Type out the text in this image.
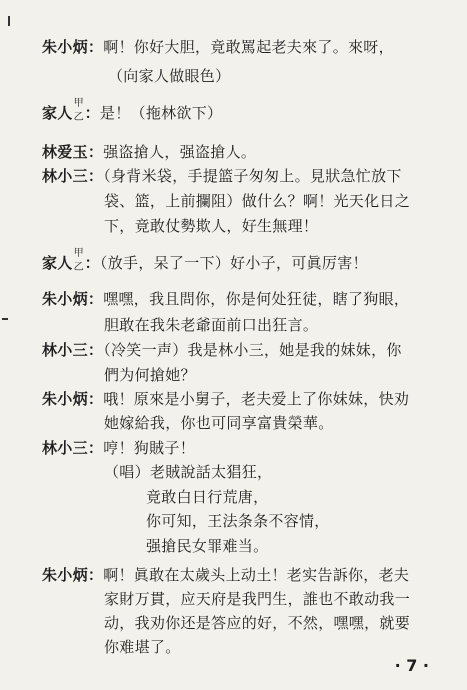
朱小炳：啊！你好大胆，竟敢罵起老夫來了。來呀，
（向家人做眼色）
家人
甲
乙 ：是！（拖林欲下）
林爱玉：强盗搶人，强盗搶人。
林小三：（身背米袋，手提篮子匆匆上。見狀急忙放下
袋、篮，上前攔阻）做什么？啊！光天化日之
下，竟敢仗勢欺人，好生無理！
家人
甲
乙 ：（放手，呆了一下）好小子，可眞厉害！
朱小炳：嘿嘿，我且問你，你是何处狂徒，瞎了狗眼，
胆敢在我朱老爺面前口出狂言。
林小三：（冷笑一声）我是林小三，她是我的妹妹，你
們为何搶她？
朱小炳：哦！原來是小舅子，老夫爱上了你妹妹，快劝
她嫁給我，你也可同享富貴榮華。
林小三：哼！狗賊子！
（唱）老賊說話太猖狂，
竟敢白日行荒唐，
你可知，王法条条不容情，
强搶民女罪难当。
朱小炳：啊！眞敢在太歲头上动土！老实告訴你，老夫
家財万貫，应天府是我門生，誰也不敢动我一
动，我劝你还是答应的好，不然，嘿嘿，就要
你难堪了。
· 7 ·
